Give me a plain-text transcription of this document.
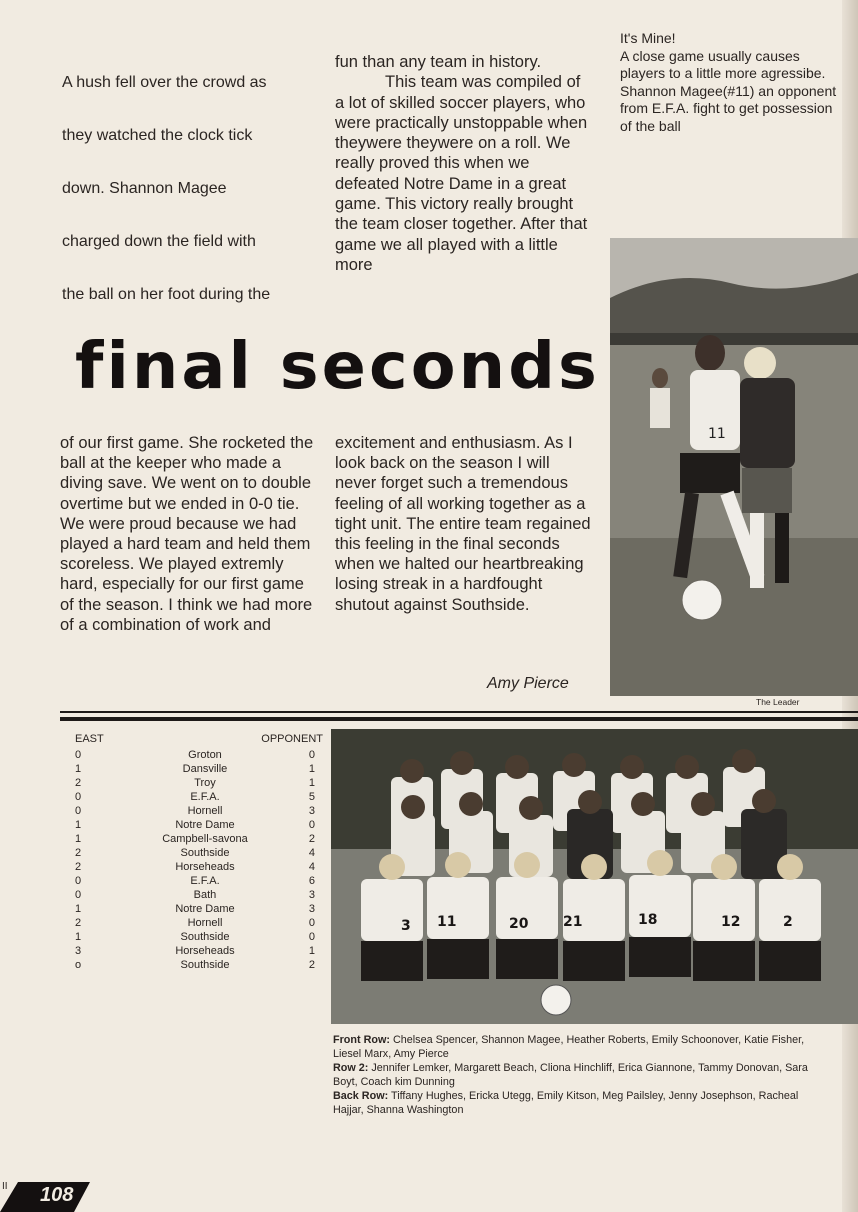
A hush fell over the crowd as
they watched the clock tick
down. Shannon Magee
charged down the field with
the ball on her foot during the

fun than any team in history.

This team was compiled of a lot of skilled soccer players, who were practically unstoppable when theywere theywere on a roll. We really proved this when we defeated Notre Dame in a great game. This victory really brought the team closer together. After that game we all played with a little more

final seconds

of our first game. She rocketed the ball at the keeper who made a diving save. We went on to double overtime but we ended in 0-0 tie. We were proud because we had played a hard team and held them scoreless. We played extremly hard, especially for our first game of the season. I think we had more of a combination of work and

excitement and enthusiasm. As I look back on the season I will never forget such a tremendous feeling of all working together as a tight unit. The entire team regained this feeling in the final seconds when we halted our heartbreaking losing streak in a hardfought shutout against Southside.

Amy Pierce

It's Mine!

A close game usually causes players to a little more agressibe. Shannon Magee(#11) an opponent from E.F.A. fight to get possession of the ball

11
The Leader
EAST	OPPONENT
0	Groton	0
1	Dansville	1
2	Troy	1
0	E.F.A.	5
0	Hornell	3
1	Notre Dame	0
1	Campbell-savona	2
2	Southside	4
2	Horseheads	4
0	E.F.A.	6
0	Bath	3
1	Notre Dame	3
2	Hornell	0
1	Southside	0
3	Horseheads	1
o	Southside	2
3 11	20 21	18	12	2

Front Row: Chelsea Spencer, Shannon Magee, Heather Roberts, Emily Schoonover, Katie Fisher, Liesel Marx, Amy Pierce

Row 2: Jennifer Lemker, Margarett Beach, Cliona Hinchliff, Erica Giannone, Tammy Donovan, Sara Boyt, Coach kim Dunning

Back Row: Tiffany Hughes, Ericka Utegg, Emily Kitson, Meg Pailsley, Jenny Josephson, Racheal Hajjar, Shanna Washington

II 108
